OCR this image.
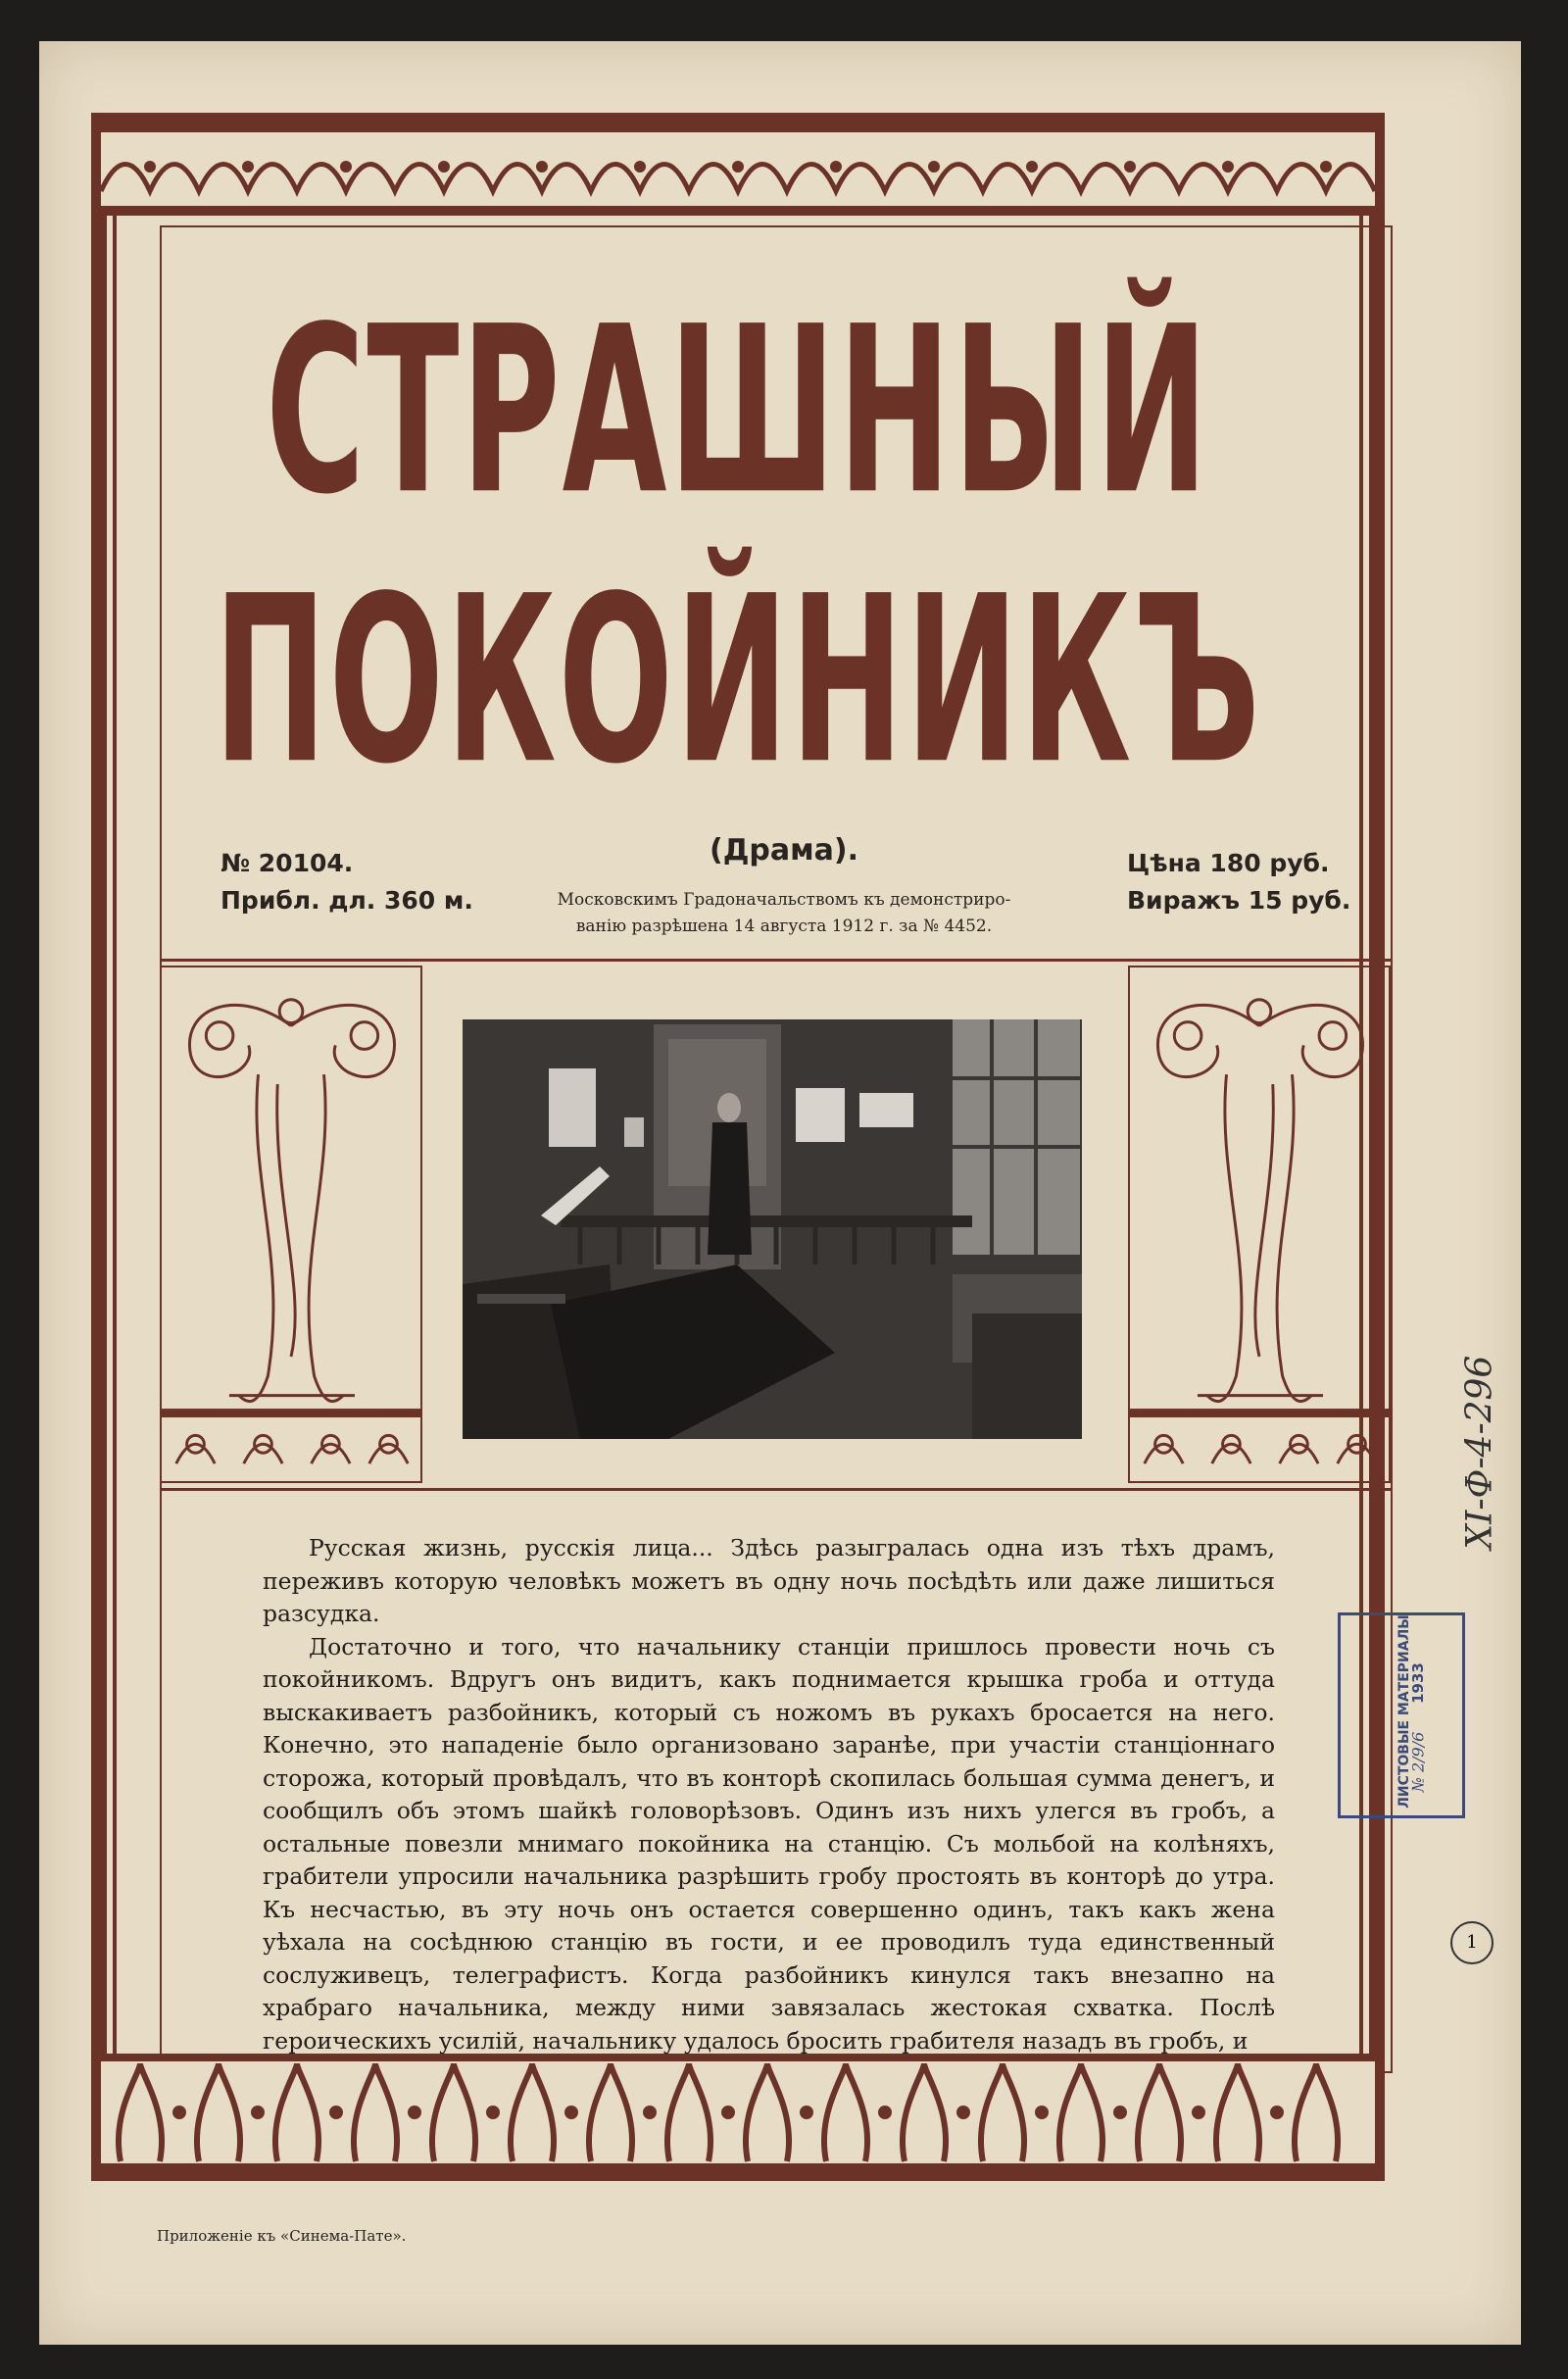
СТРАШНЫЙ
ПОКОЙНИКЪ
№ 20104.
Прибл. дл. 360 м.
(Драма).
Московскимъ Градоначальствомъ къ демонстриро-
ванію разрѣшена 14 августа 1912 г. за № 4452.
Цѣна 180 руб.
Виражъ 15 руб.

Русская жизнь, русскія лица... Здѣсь разыгралась одна изъ тѣхъ драмъ, переживъ которую человѣкъ можетъ въ одну ночь посѣдѣть или даже лишиться разсудка.

Достаточно и того, что начальнику станціи пришлось провести ночь съ покойникомъ. Вдругъ онъ видитъ, какъ поднимается крышка гроба и оттуда выскакиваетъ разбойникъ, который съ ножомъ въ рукахъ бросается на него. Конечно, это нападеніе было организовано заранѣе, при участіи станціоннаго сторожа, который провѣдалъ, что въ конторѣ скопилась большая сумма денегъ, и сообщилъ объ этомъ шайкѣ головорѣзовъ. Одинъ изъ нихъ улегся въ гробъ, а остальные повезли мнимаго покойника на станцію. Съ мольбой на колѣняхъ, грабители упросили начальника разрѣшить гробу простоять въ конторѣ до утра. Къ несчастью, въ эту ночь онъ остается совершенно одинъ, такъ какъ жена уѣхала на сосѣднюю станцію въ гости, и ее проводилъ туда единственный сослуживецъ, телеграфистъ. Когда разбойникъ кинулся такъ внезапно на храбраго начальника, между ними завязалась жестокая схватка. Послѣ героическихъ усилій, начальнику удалось бросить грабителя назадъ въ гробъ, и

Приложеніе къ «Синема-Пате».
ЛИСТОВЫЕ МАТЕРИАЛЫ
1933
№ 2/9/6
XI-Ф-4-296
1
